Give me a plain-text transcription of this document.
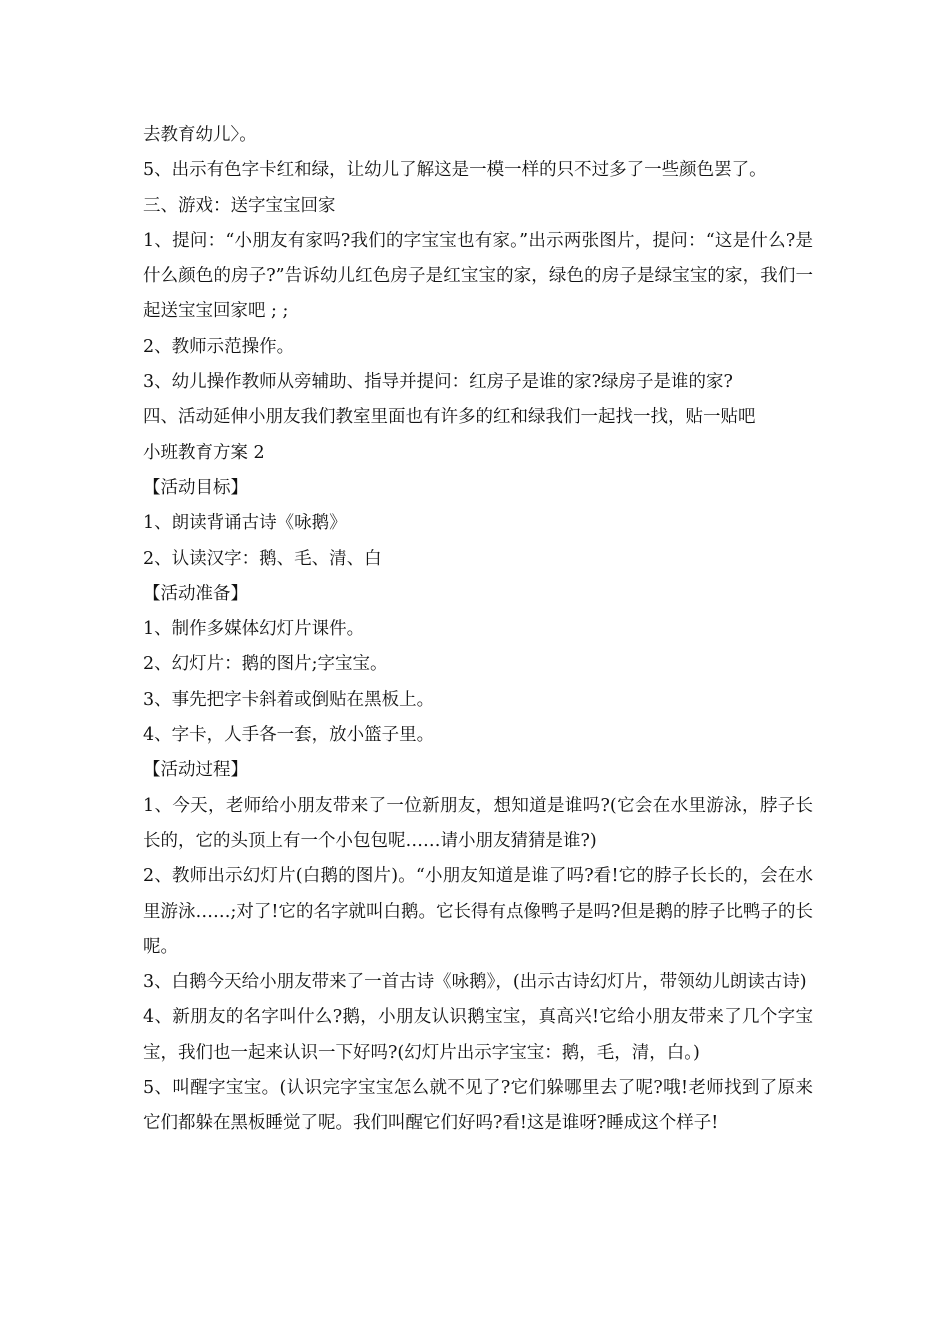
去教育幼儿〉。

5、出示有色字卡红和绿，让幼儿了解这是一模一样的只不过多了一些颜色罢了。

三、游戏：送字宝宝回家

1、提问：“小朋友有家吗?我们的字宝宝也有家。”出示两张图片，提问：“这是什么?是什么颜色的房子?”告诉幼儿红色房子是红宝宝的家，绿色的房子是绿宝宝的家，我们一起送宝宝回家吧 ; ;

2、教师示范操作。

3、幼儿操作教师从旁辅助、指导并提问：红房子是谁的家?绿房子是谁的家?

四、活动延伸小朋友我们教室里面也有许多的红和绿我们一起找一找，贴一贴吧

小班教育方案 2

【活动目标】

1、朗读背诵古诗《咏鹅》

2、认读汉字：鹅、毛、清、白

【活动准备】

1、制作多媒体幻灯片课件。

2、幻灯片：鹅的图片;字宝宝。

3、事先把字卡斜着或倒贴在黑板上。

4、字卡，人手各一套，放小篮子里。

【活动过程】

1、今天，老师给小朋友带来了一位新朋友，想知道是谁吗?(它会在水里游泳，脖子长长的，它的头顶上有一个小包包呢……请小朋友猜猜是谁?)

2、教师出示幻灯片(白鹅的图片)。“小朋友知道是谁了吗?看!它的脖子长长的，会在水里游泳……;对了!它的名字就叫白鹅。它长得有点像鸭子是吗?但是鹅的脖子比鸭子的长呢。

3、白鹅今天给小朋友带来了一首古诗《咏鹅》，(出示古诗幻灯片，带领幼儿朗读古诗)

4、新朋友的名字叫什么?鹅，小朋友认识鹅宝宝，真高兴!它给小朋友带来了几个字宝宝，我们也一起来认识一下好吗?(幻灯片出示字宝宝：鹅，毛，清，白。)

5、叫醒字宝宝。(认识完字宝宝怎么就不见了?它们躲哪里去了呢?哦!老师找到了原来它们都躲在黑板睡觉了呢。我们叫醒它们好吗?看!这是谁呀?睡成这个样子!
